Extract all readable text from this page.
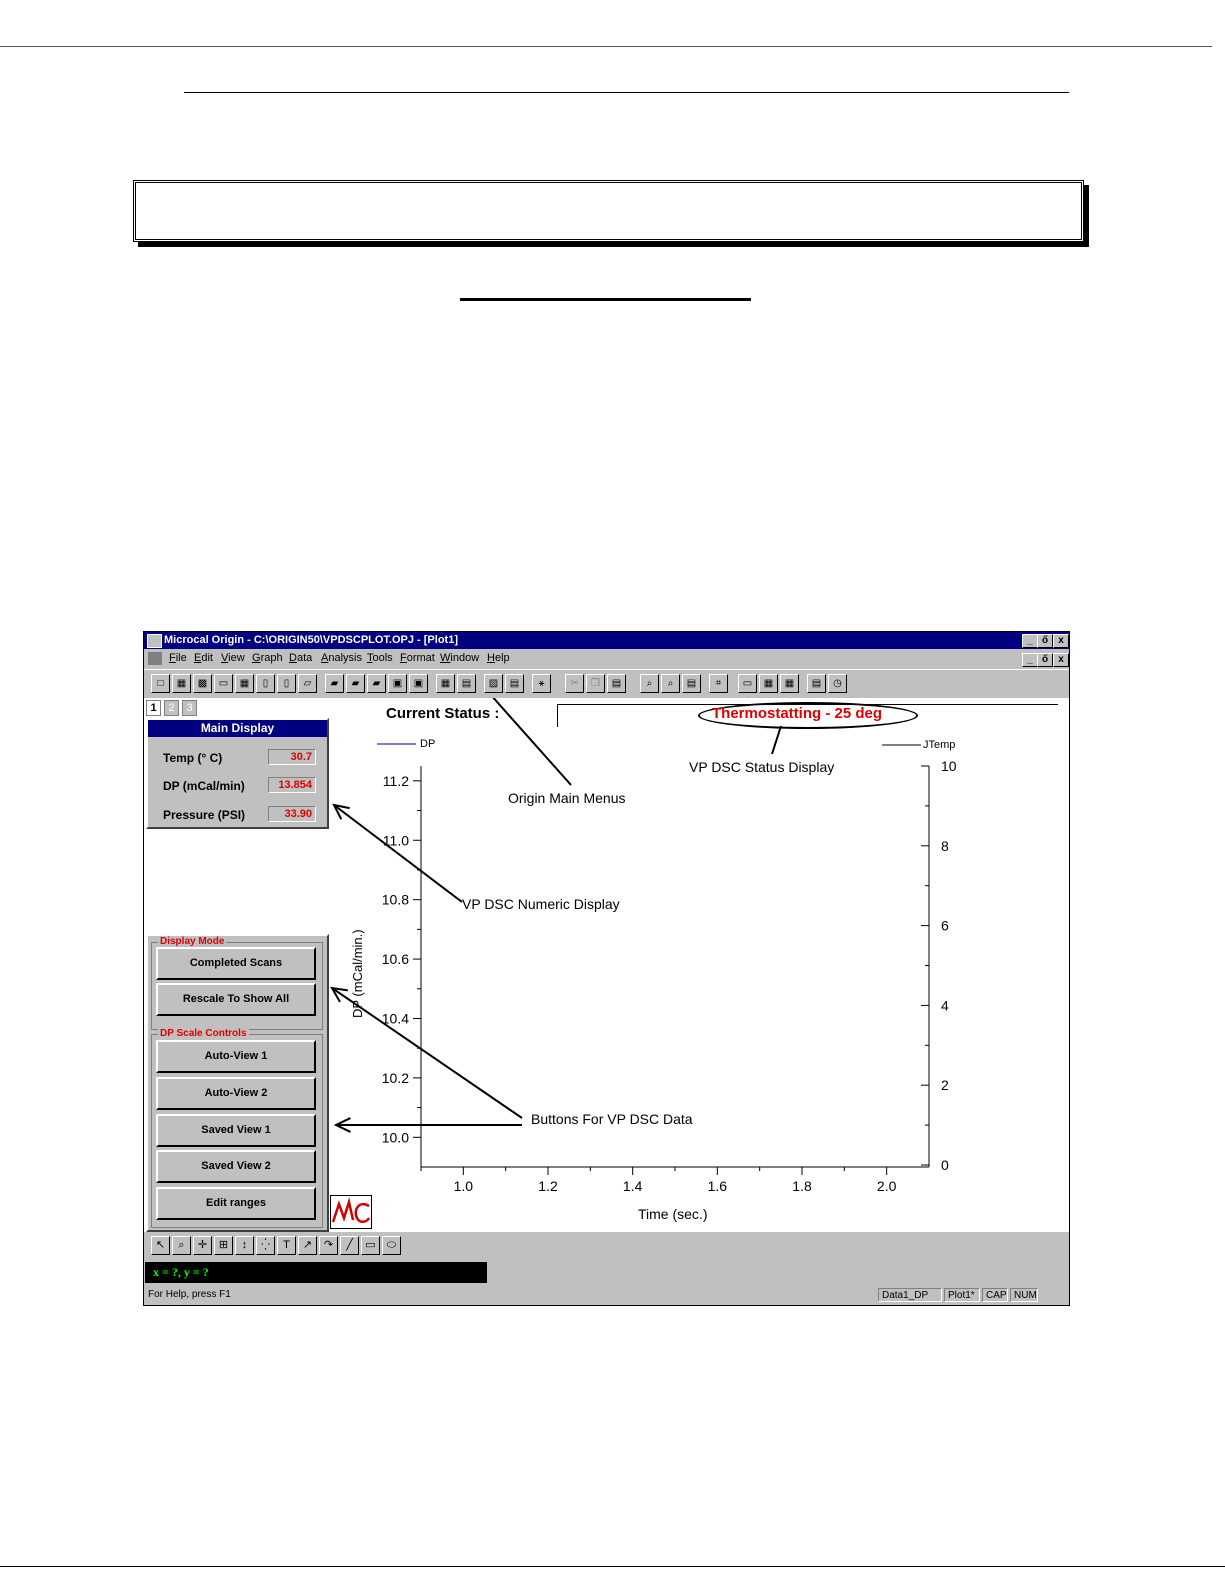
Microcal Origin - C:\ORIGIN50\VPDSCPLOT.OPJ - [Plot1]	_ ő	x
File Edit View Graph Data Analysis Tools Format Window Help	_ ő	x
□	▦	▩	▭	▦	▯	▯	▱	▰	▰	▰	▣	▣	▦	▤	▨	▤	⚹	✂	❐	▤	⌕	⌕	▤	⌗	▭	▦	▦	▤	◷
1	2	3
Main Display
Temp (° C)	30.7
DP (mCal/min)	13.854
Pressure (PSI)	33.90
Display Mode
Completed Scans
Rescale To Show All
DP Scale Controls
Auto-View 1
Auto-View 2
Saved View 1
Saved View 2
Edit ranges
Current Status :	Thermostatting - 25 deg
10.0
10.2
10.4
10.6
10.8
11.0
11.2
1.0	1.2	1.4	1.6	1.8	2.0
0
2
4
6
8
10
DP (mCal/min.)
Time (sec.)
DP	JTemp
VP DSC Status Display
Origin Main Menus
VP DSC Numeric Display
Buttons For VP DSC Data
↖	⌕	✛	⊞	↕	⁛	T	↗	↷	╱	▭	⬭
x = ?, y = ?
For Help, press F1	Data1_DP	Plot1*	CAP NUM
